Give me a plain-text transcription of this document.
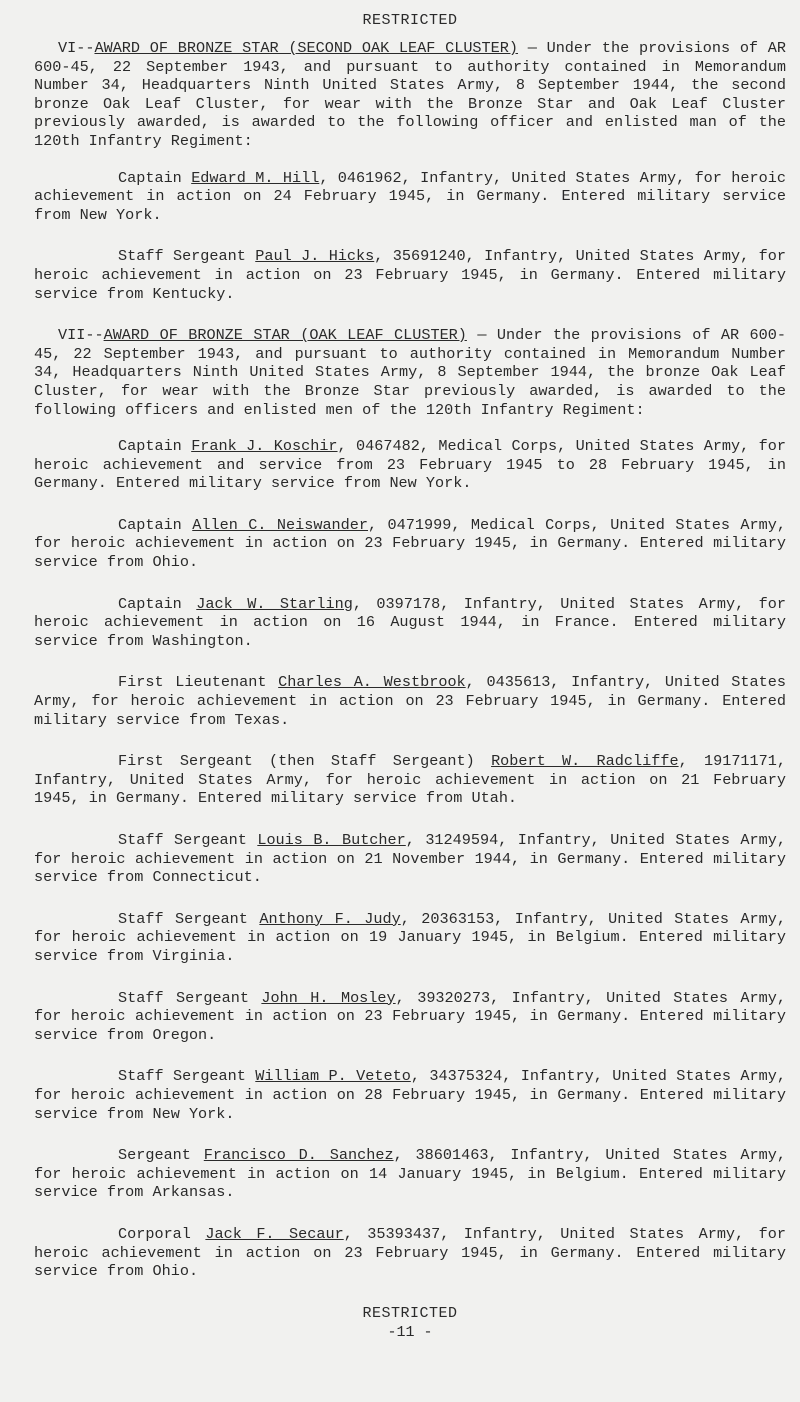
RESTRICTED

VI--AWARD OF BRONZE STAR (SECOND OAK LEAF CLUSTER) — Under the provisions of AR 600-45, 22 September 1943, and pursuant to authority contained in Memorandum Number 34, Headquarters Ninth United States Army, 8 September 1944, the second bronze Oak Leaf Cluster, for wear with the Bronze Star and Oak Leaf Cluster previously awarded, is awarded to the following officer and enlisted man of the 120th Infantry Regiment:

Captain Edward M. Hill, 0461962, Infantry, United States Army, for heroic achievement in action on 24 February 1945, in Germany. Entered military service from New York.

Staff Sergeant Paul J. Hicks, 35691240, Infantry, United States Army, for heroic achievement in action on 23 February 1945, in Germany. Entered military service from Kentucky.

VII--AWARD OF BRONZE STAR (OAK LEAF CLUSTER) — Under the provisions of AR 600-45, 22 September 1943, and pursuant to authority contained in Memorandum Number 34, Headquarters Ninth United States Army, 8 September 1944, the bronze Oak Leaf Cluster, for wear with the Bronze Star previously awarded, is awarded to the following officers and enlisted men of the 120th Infantry Regiment:

Captain Frank J. Koschir, 0467482, Medical Corps, United States Army, for heroic achievement and service from 23 February 1945 to 28 February 1945, in Germany. Entered military service from New York.

Captain Allen C. Neiswander, 0471999, Medical Corps, United States Army, for heroic achievement in action on 23 February 1945, in Germany. Entered military service from Ohio.

Captain Jack W. Starling, 0397178, Infantry, United States Army, for heroic achievement in action on 16 August 1944, in France. Entered military service from Washington.

First Lieutenant Charles A. Westbrook, 0435613, Infantry, United States Army, for heroic achievement in action on 23 February 1945, in Germany. Entered military service from Texas.

First Sergeant (then Staff Sergeant) Robert W. Radcliffe, 19171171, Infantry, United States Army, for heroic achievement in action on 21 February 1945, in Germany. Entered military service from Utah.

Staff Sergeant Louis B. Butcher, 31249594, Infantry, United States Army, for heroic achievement in action on 21 November 1944, in Germany. Entered military service from Connecticut.

Staff Sergeant Anthony F. Judy, 20363153, Infantry, United States Army, for heroic achievement in action on 19 January 1945, in Belgium. Entered military service from Virginia.

Staff Sergeant John H. Mosley, 39320273, Infantry, United States Army, for heroic achievement in action on 23 February 1945, in Germany. Entered military service from Oregon.

Staff Sergeant William P. Veteto, 34375324, Infantry, United States Army, for heroic achievement in action on 28 February 1945, in Germany. Entered military service from New York.

Sergeant Francisco D. Sanchez, 38601463, Infantry, United States Army, for heroic achievement in action on 14 January 1945, in Belgium. Entered military service from Arkansas.

Corporal Jack F. Secaur, 35393437, Infantry, United States Army, for heroic achievement in action on 23 February 1945, in Germany. Entered military service from Ohio.

RESTRICTED
-11 -
